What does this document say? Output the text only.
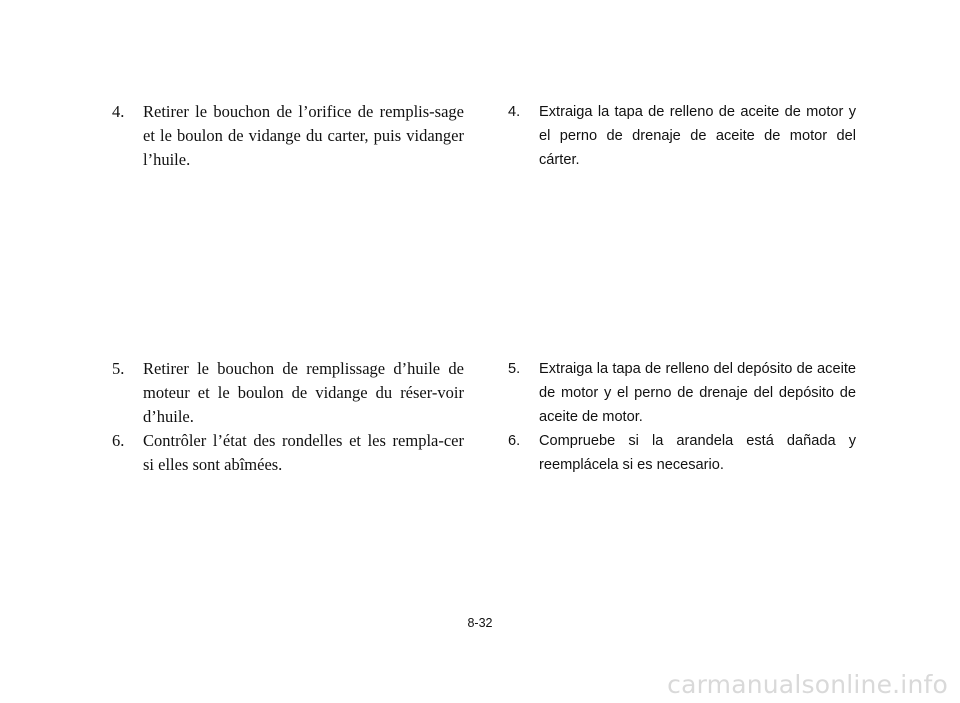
4. Retirer le bouchon de l’orifice de remplis-sage et le boulon de vidange du carter, puis vidanger l’huile.
5. Retirer le bouchon de remplissage d’huile de moteur et le boulon de vidange du réser-voir d’huile.
6. Contrôler l’état des rondelles et les rempla-cer si elles sont abîmées.
4. Extraiga la tapa de relleno de aceite de motor y el perno de drenaje de aceite de motor del cárter.
5. Extraiga la tapa de relleno del depósito de aceite de motor y el perno de drenaje del depósito de aceite de motor.
6. Compruebe si la arandela está dañada y reemplácela si es necesario.
8-32
carmanualsonline.info
